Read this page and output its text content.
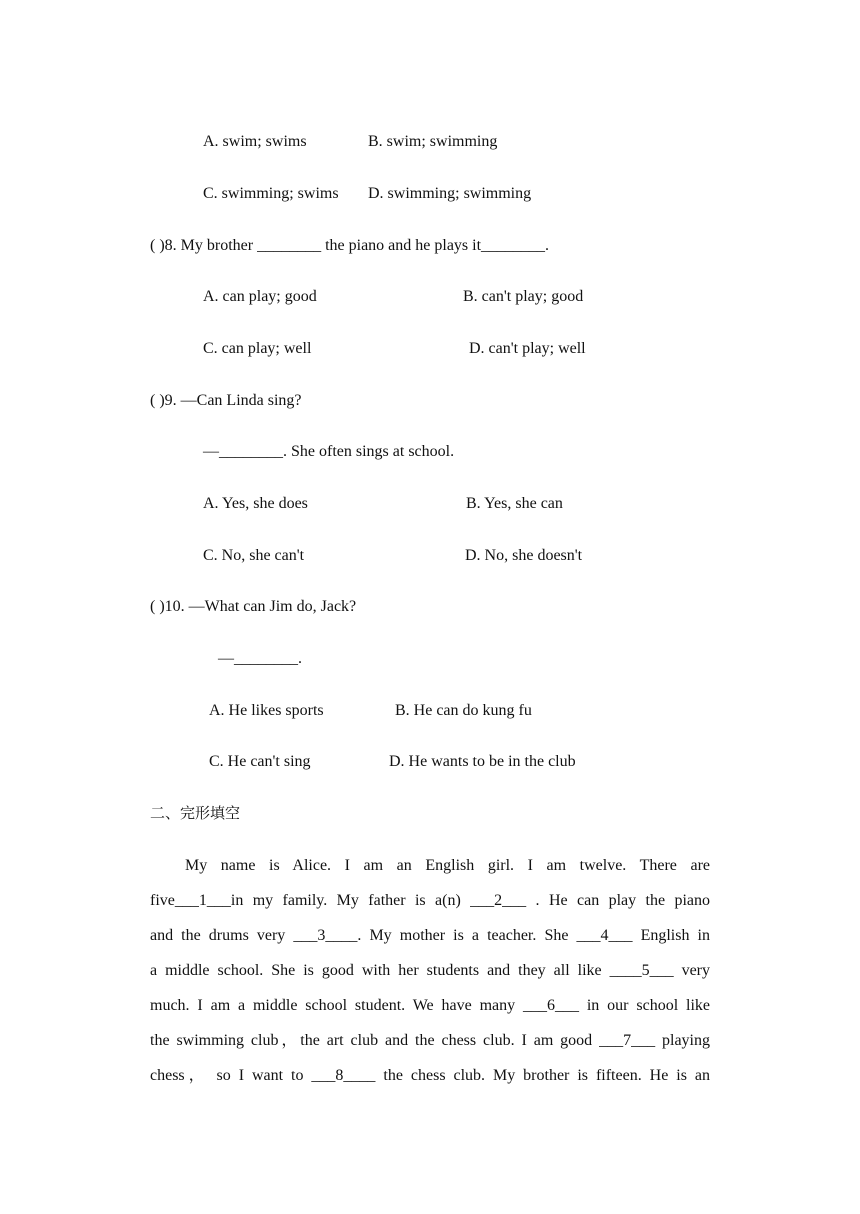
A. swim; swims	B. swim; swimming
C. swimming; swims D. swimming; swimming
( )8. My brother ________ the piano and he plays it________.
A. can play; good	B. can't play; good
C. can play; well	D. can't play; well
( )9. —Can Linda sing?
—________. She often sings at school.
A. Yes, she does	B. Yes, she can
C. No, she can't	D. No, she doesn't
( )10. —What can Jim do, Jack?
—________.
A. He likes sports	B. He can do kung fu
C. He can't sing	D. He wants to be in the club
二、完形填空
My name is Alice. I am an English girl. I am twelve. There are
five___1___in my family. My father is a(n) ___2___ . He can play the piano
and the drums very ___3____. My mother is a teacher. She ___4___ English in
a middle school. She is good with her students and they all like ____5___ very
much. I am a middle school student. We have many ___6___ in our school like
the swimming club，the art club and the chess club. I am good ___7___ playing
chess， so I want to ___8____ the chess club. My brother is fifteen. He is an
